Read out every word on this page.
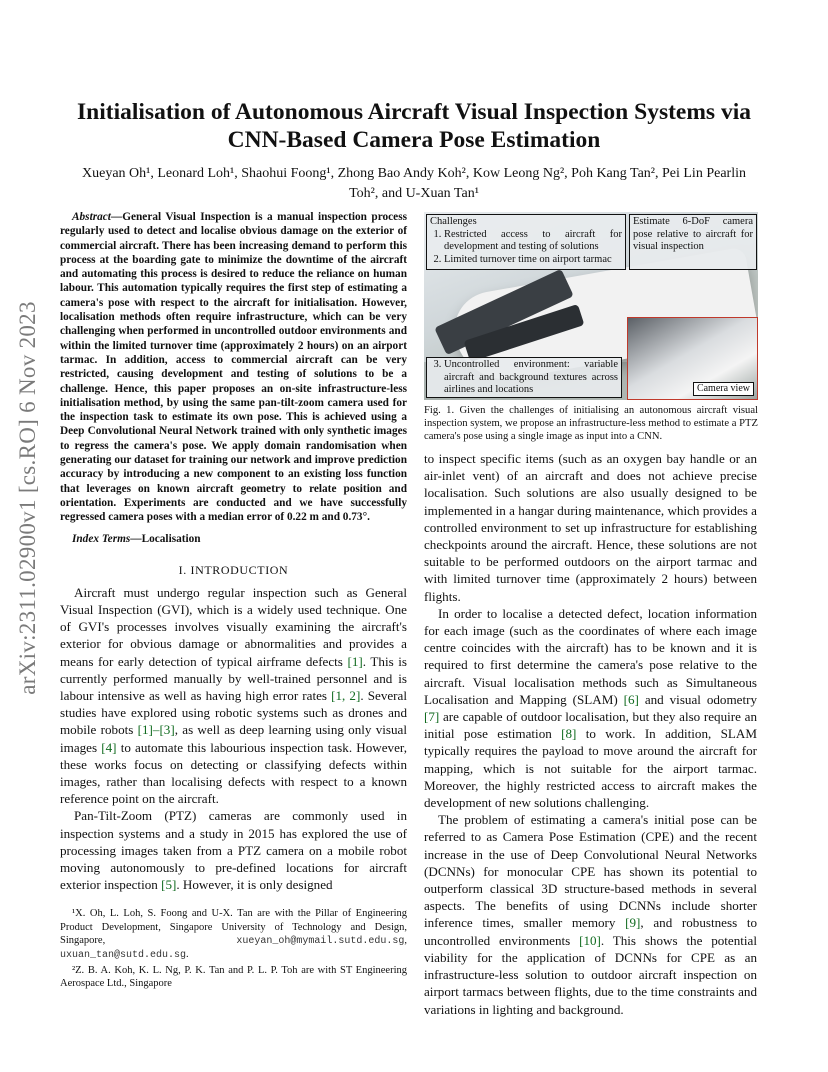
arXiv:2311.02900v1 [cs.RO] 6 Nov 2023
Initialisation of Autonomous Aircraft Visual Inspection Systems via
CNN-Based Camera Pose Estimation
Xueyan Oh¹, Leonard Loh¹, Shaohui Foong¹, Zhong Bao Andy Koh², Kow Leong Ng², Poh Kang Tan², Pei Lin Pearlin Toh², and U-Xuan Tan¹

Abstract—General Visual Inspection is a manual inspection process regularly used to detect and localise obvious damage on the exterior of commercial aircraft. There has been increasing demand to perform this process at the boarding gate to minimize the downtime of the aircraft and automating this process is desired to reduce the reliance on human labour. This automation typically requires the first step of estimating a camera's pose with respect to the aircraft for initialisation. However, localisation methods often require infrastructure, which can be very challenging when performed in uncontrolled outdoor environments and within the limited turnover time (approximately 2 hours) on an airport tarmac. In addition, access to commercial aircraft can be very restricted, causing development and testing of solutions to be a challenge. Hence, this paper proposes an on-site infrastructure-less initialisation method, by using the same pan-tilt-zoom camera used for the inspection task to estimate its own pose. This is achieved using a Deep Convolutional Neural Network trained with only synthetic images to regress the camera's pose. We apply domain randomisation when generating our dataset for training our network and improve prediction accuracy by introducing a new component to an existing loss function that leverages on known aircraft geometry to relate position and orientation. Experiments are conducted and we have successfully regressed camera poses with a median error of 0.22 m and 0.73°.

Index Terms—Localisation

I. INTRODUCTION

Aircraft must undergo regular inspection such as General Visual Inspection (GVI), which is a widely used technique. One of GVI's processes involves visually examining the aircraft's exterior for obvious damage or abnormalities and provides a means for early detection of typical airframe defects [1]. This is currently performed manually by well-trained personnel and is labour intensive as well as having high error rates [1, 2]. Several studies have explored using robotic systems such as drones and mobile robots [1]–[3], as well as deep learning using only visual images [4] to automate this labourious inspection task. However, these works focus on detecting or classifying defects within images, rather than localising defects with respect to a known reference point on the aircraft.

Pan-Tilt-Zoom (PTZ) cameras are commonly used in inspection systems and a study in 2015 has explored the use of processing images taken from a PTZ camera on a mobile robot moving autonomously to pre-defined locations for aircraft exterior inspection [5]. However, it is only designed

¹X. Oh, L. Loh, S. Foong and U-X. Tan are with the Pillar of Engineering Product Development, Singapore University of Technology and Design, Singapore, xueyan_oh@mymail.sutd.edu.sg, uxuan_tan@sutd.edu.sg.

²Z. B. A. Koh, K. L. Ng, P. K. Tan and P. L. P. Toh are with ST Engineering Aerospace Ltd., Singapore

Challenges
1. Restricted access to aircraft for development and testing of solutions
2. Limited turnover time on airport tarmac
Estimate 6-DoF camera pose relative to aircraft for visual inspection
3. Uncontrolled environment: variable aircraft and background textures across airlines and locations	Camera view
Fig. 1. Given the challenges of initialising an autonomous aircraft visual inspection system, we propose an infrastructure-less method to estimate a PTZ camera's pose using a single image as input into a CNN.

to inspect specific items (such as an oxygen bay handle or an air-inlet vent) of an aircraft and does not achieve precise localisation. Such solutions are also usually designed to be implemented in a hangar during maintenance, which provides a controlled environment to set up infrastructure for establishing checkpoints around the aircraft. Hence, these solutions are not suitable to be performed outdoors on the airport tarmac and with limited turnover time (approximately 2 hours) between flights.

In order to localise a detected defect, location information for each image (such as the coordinates of where each image centre coincides with the aircraft) has to be known and it is required to first determine the camera's pose relative to the aircraft. Visual localisation methods such as Simultaneous Localisation and Mapping (SLAM) [6] and visual odometry [7] are capable of outdoor localisation, but they also require an initial pose estimation [8] to work. In addition, SLAM typically requires the payload to move around the aircraft for mapping, which is not suitable for the airport tarmac. Moreover, the highly restricted access to aircraft makes the development of new solutions challenging.

The problem of estimating a camera's initial pose can be referred to as Camera Pose Estimation (CPE) and the recent increase in the use of Deep Convolutional Neural Networks (DCNNs) for monocular CPE has shown its potential to outperform classical 3D structure-based methods in several aspects. The benefits of using DCNNs include shorter inference times, smaller memory [9], and robustness to uncontrolled environments [10]. This shows the potential viability for the application of DCNNs for CPE as an infrastructure-less solution to outdoor aircraft inspection on airport tarmacs between flights, due to the time constraints and variations in lighting and background.
